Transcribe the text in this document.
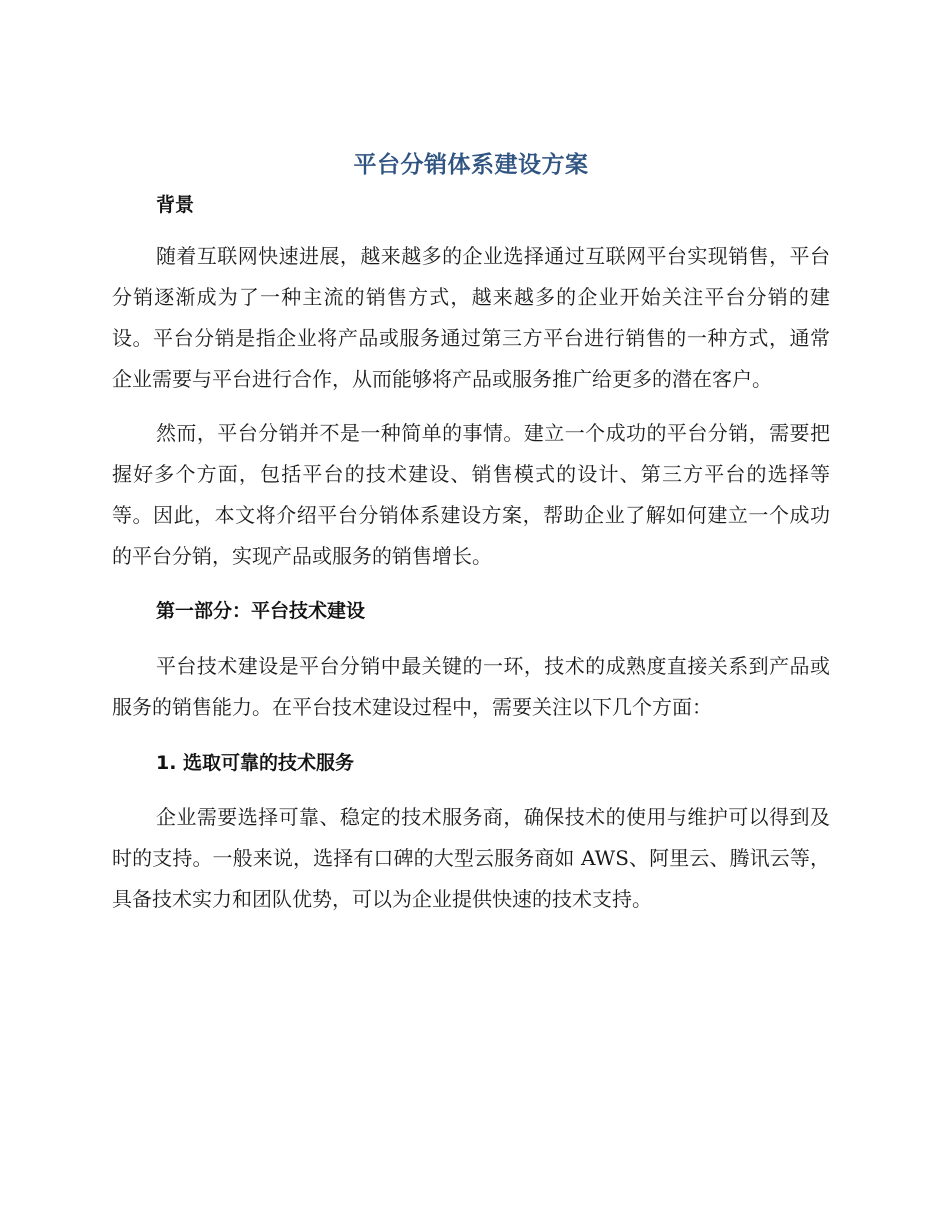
平台分销体系建设方案
背景

随着互联网快速进展，越来越多的企业选择通过互联网平台实现销售，平台分销逐渐成为了一种主流的销售方式，越来越多的企业开始关注平台分销的建设。平台分销是指企业将产品或服务通过第三方平台进行销售的一种方式，通常企业需要与平台进行合作，从而能够将产品或服务推广给更多的潜在客户。

然而，平台分销并不是一种简单的事情。建立一个成功的平台分销，需要把握好多个方面，包括平台的技术建设、销售模式的设计、第三方平台的选择等等。因此，本文将介绍平台分销体系建设方案，帮助企业了解如何建立一个成功的平台分销，实现产品或服务的销售增长。

第一部分：平台技术建设

平台技术建设是平台分销中最关键的一环，技术的成熟度直接关系到产品或服务的销售能力。在平台技术建设过程中，需要关注以下几个方面：

1. 选取可靠的技术服务

企业需要选择可靠、稳定的技术服务商，确保技术的使用与维护可以得到及时的支持。一般来说，选择有口碑的大型云服务商如 AWS、阿里云、腾讯云等，具备技术实力和团队优势，可以为企业提供快速的技术支持。
